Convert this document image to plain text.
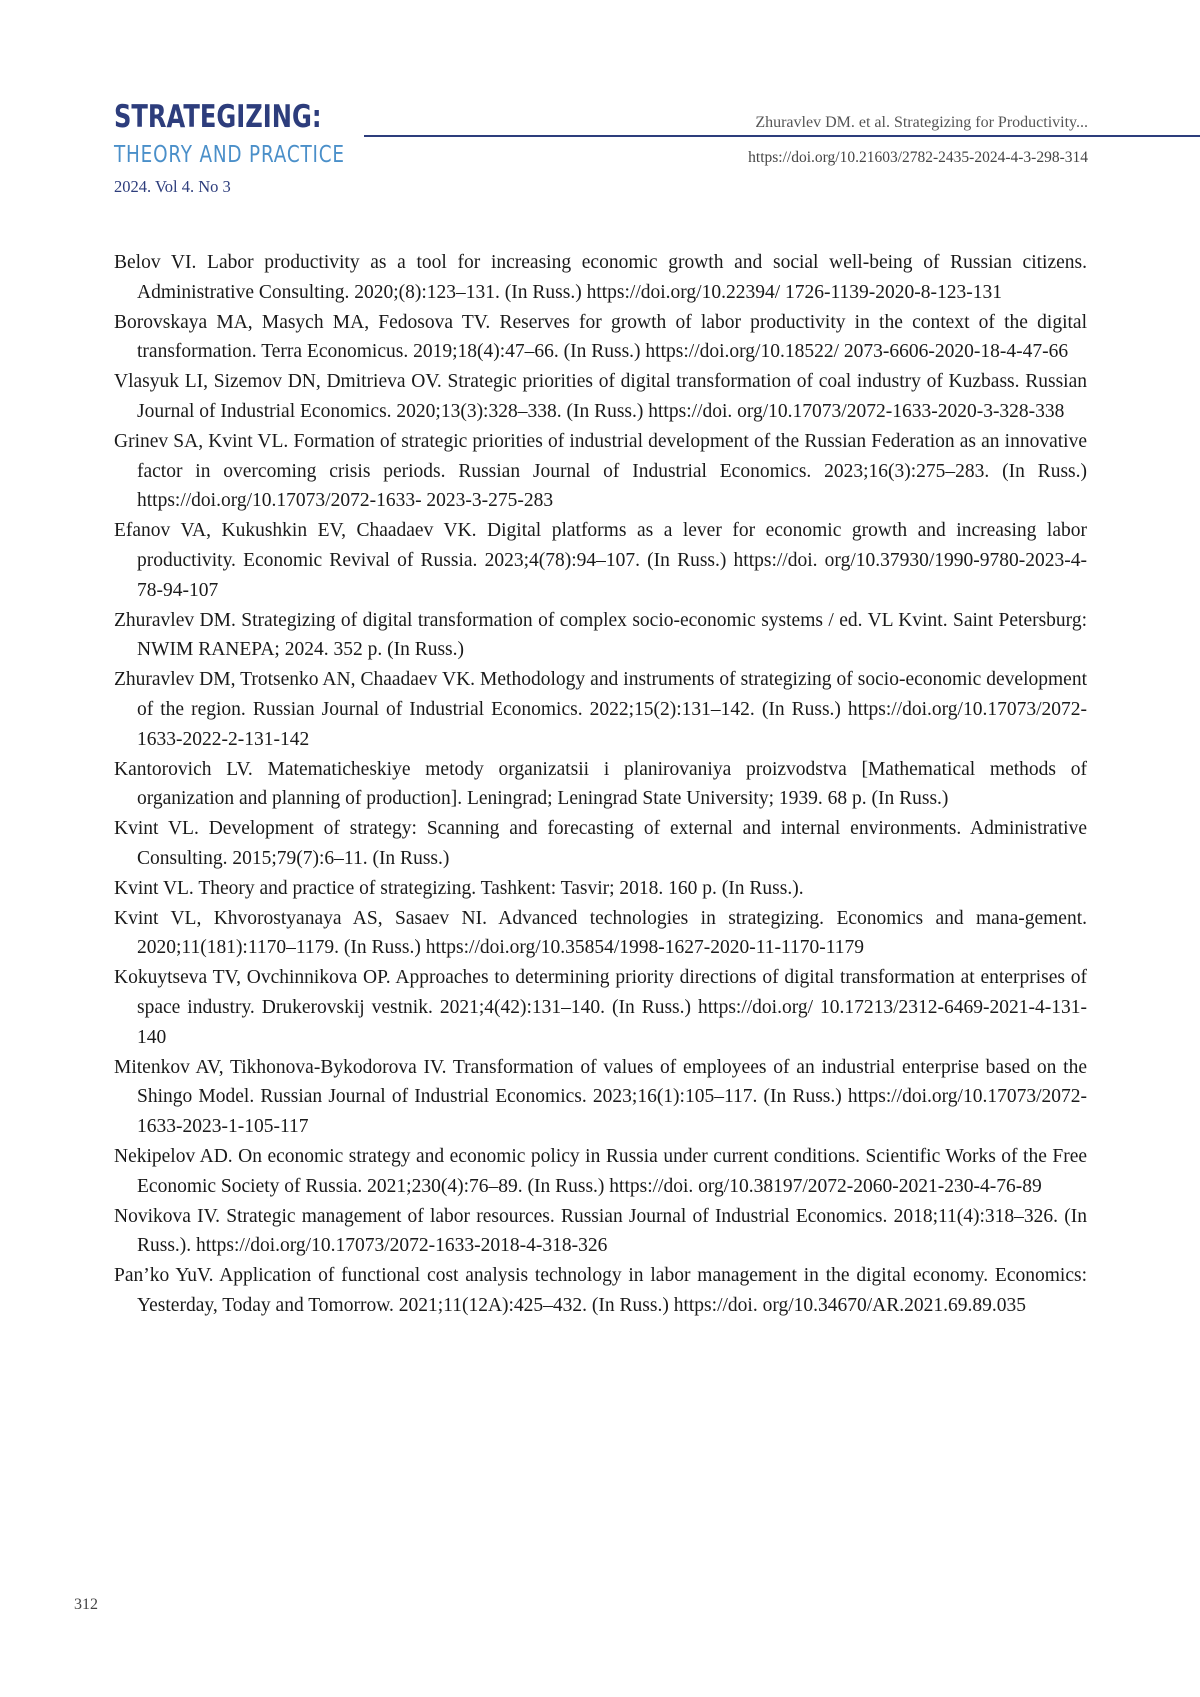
STRATEGIZING:
THEORY AND PRACTICE
2024. Vol 4. No 3
Zhuravlev DM. et al. Strategizing for Productivity...
https://doi.org/10.21603/2782-2435-2024-4-3-298-314
Belov VI. Labor productivity as a tool for increasing economic growth and social well-being of Russian citizens. Administrative Consulting. 2020;(8):123–131. (In Russ.) https://doi.org/10.22394/ 1726-1139-2020-8-123-131
Borovskaya MA, Masych MA, Fedosova TV. Reserves for growth of labor productivity in the context of the digital transformation. Terra Economicus. 2019;18(4):47–66. (In Russ.) https://doi.org/10.18522/ 2073-6606-2020-18-4-47-66
Vlasyuk LI, Sizemov DN, Dmitrieva OV. Strategic priorities of digital transformation of coal industry of Kuzbass. Russian Journal of Industrial Economics. 2020;13(3):328–338. (In Russ.) https://doi. org/10.17073/2072-1633-2020-3-328-338
Grinev SA, Kvint VL. Formation of strategic priorities of industrial development of the Russian Federation as an innovative factor in overcoming crisis periods. Russian Journal of Industrial Economics. 2023;16(3):275–283. (In Russ.) https://doi.org/10.17073/2072-1633- 2023-3-275-283
Efanov VA, Kukushkin EV, Chaadaev VK. Digital platforms as a lever for economic growth and increasing labor productivity. Economic Revival of Russia. 2023;4(78):94–107. (In Russ.) https://doi. org/10.37930/1990-9780-2023-4-78-94-107
Zhuravlev DM. Strategizing of digital transformation of complex socio-economic systems / ed. VL Kvint. Saint Petersburg: NWIM RANEPA; 2024. 352 p. (In Russ.)
Zhuravlev DM, Trotsenko AN, Chaadaev VK. Methodology and instruments of strategizing of socio-economic development of the region. Russian Journal of Industrial Economics. 2022;15(2):131–142. (In Russ.) https://doi.org/10.17073/2072-1633-2022-2-131-142
Kantorovich LV. Matematicheskiye metody organizatsii i planirovaniya proizvodstva [Mathematical methods of organization and planning of production]. Leningrad; Leningrad State University; 1939. 68 p. (In Russ.)
Kvint VL. Development of strategy: Scanning and forecasting of external and internal environments. Administrative Consulting. 2015;79(7):6–11. (In Russ.)
Kvint VL. Theory and practice of strategizing. Tashkent: Tasvir; 2018. 160 p. (In Russ.).
Kvint VL, Khvorostyanaya AS, Sasaev NI. Advanced technologies in strategizing. Economics and mana-gement. 2020;11(181):1170–1179. (In Russ.) https://doi.org/10.35854/1998-1627-2020-11-1170-1179
Kokuytseva TV, Ovchinnikova OP. Approaches to determining priority directions of digital transformation at enterprises of space industry. Drukerovskij vestnik. 2021;4(42):131–140. (In Russ.) https://doi.org/ 10.17213/2312-6469-2021-4-131-140
Mitenkov AV, Tikhonova-Bykodorova IV. Transformation of values of employees of an industrial enterprise based on the Shingo Model. Russian Journal of Industrial Economics. 2023;16(1):105–117. (In Russ.) https://doi.org/10.17073/2072-1633-2023-1-105-117
Nekipelov AD. On economic strategy and economic policy in Russia under current conditions. Scientific Works of the Free Economic Society of Russia. 2021;230(4):76–89. (In Russ.) https://doi. org/10.38197/2072-2060-2021-230-4-76-89
Novikova IV. Strategic management of labor resources. Russian Journal of Industrial Economics. 2018;11(4):318–326. (In Russ.). https://doi.org/10.17073/2072-1633-2018-4-318-326
Pan’ko YuV. Application of functional cost analysis technology in labor management in the digital economy. Economics: Yesterday, Today and Tomorrow. 2021;11(12A):425–432. (In Russ.) https://doi. org/10.34670/AR.2021.69.89.035
312
